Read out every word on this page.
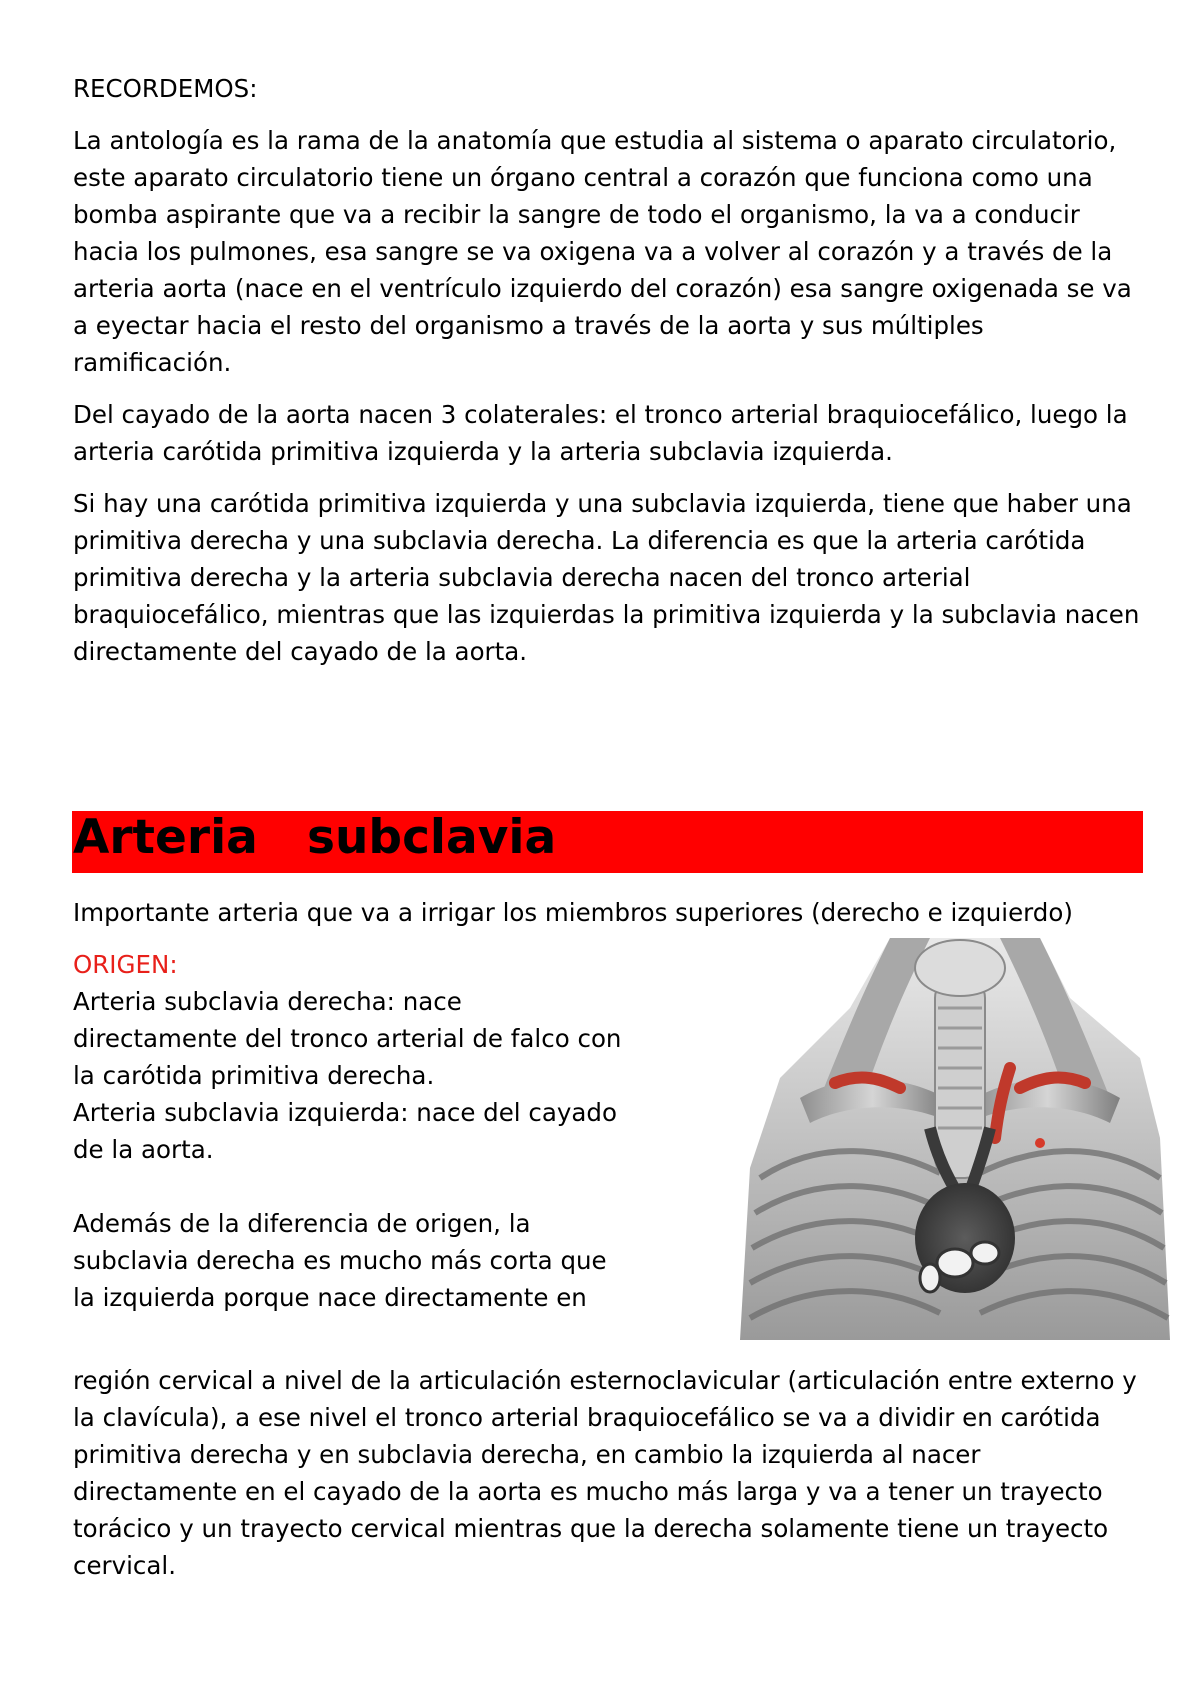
RECORDEMOS:

La antología es la rama de la anatomía que estudia al sistema o aparato circulatorio, este aparato circulatorio tiene un órgano central a corazón que funciona como una bomba aspirante que va a recibir la sangre de todo el organismo, la va a conducir hacia los pulmones, esa sangre se va oxigena va a volver al corazón y a través de la arteria aorta (nace en el ventrículo izquierdo del corazón) esa sangre oxigenada se va a eyectar hacia el resto del organismo a través de la aorta y sus múltiples ramificación.

Del cayado de la aorta nacen 3 colaterales: el tronco arterial braquiocefálico, luego la arteria carótida primitiva izquierda y la arteria subclavia izquierda.

Si hay una carótida primitiva izquierda y una subclavia izquierda, tiene que haber una primitiva derecha y una subclavia derecha. La diferencia es que la arteria carótida primitiva derecha y la arteria subclavia derecha nacen del tronco arterial braquiocefálico, mientras que las izquierdas la primitiva izquierda y la subclavia nacen directamente del cayado de la aorta.

Arteria   subclavia

Importante arteria que va a irrigar los miembros superiores (derecho e izquierdo)

ORIGEN:

Arteria subclavia derecha: nace

directamente del tronco arterial de falco con

la carótida primitiva derecha.

Arteria subclavia izquierda: nace del cayado

de la aorta.

Además de la diferencia de origen, la

subclavia derecha es mucho más corta que

la izquierda porque nace directamente en

región cervical a nivel de la articulación esternoclavicular (articulación entre externo y la clavícula), a ese nivel el tronco arterial braquiocefálico se va a dividir en carótida primitiva derecha y en subclavia derecha, en cambio la izquierda al nacer directamente en el cayado de la aorta es mucho más larga y va a tener un trayecto torácico y un trayecto cervical mientras que la derecha solamente tiene un trayecto cervical.
